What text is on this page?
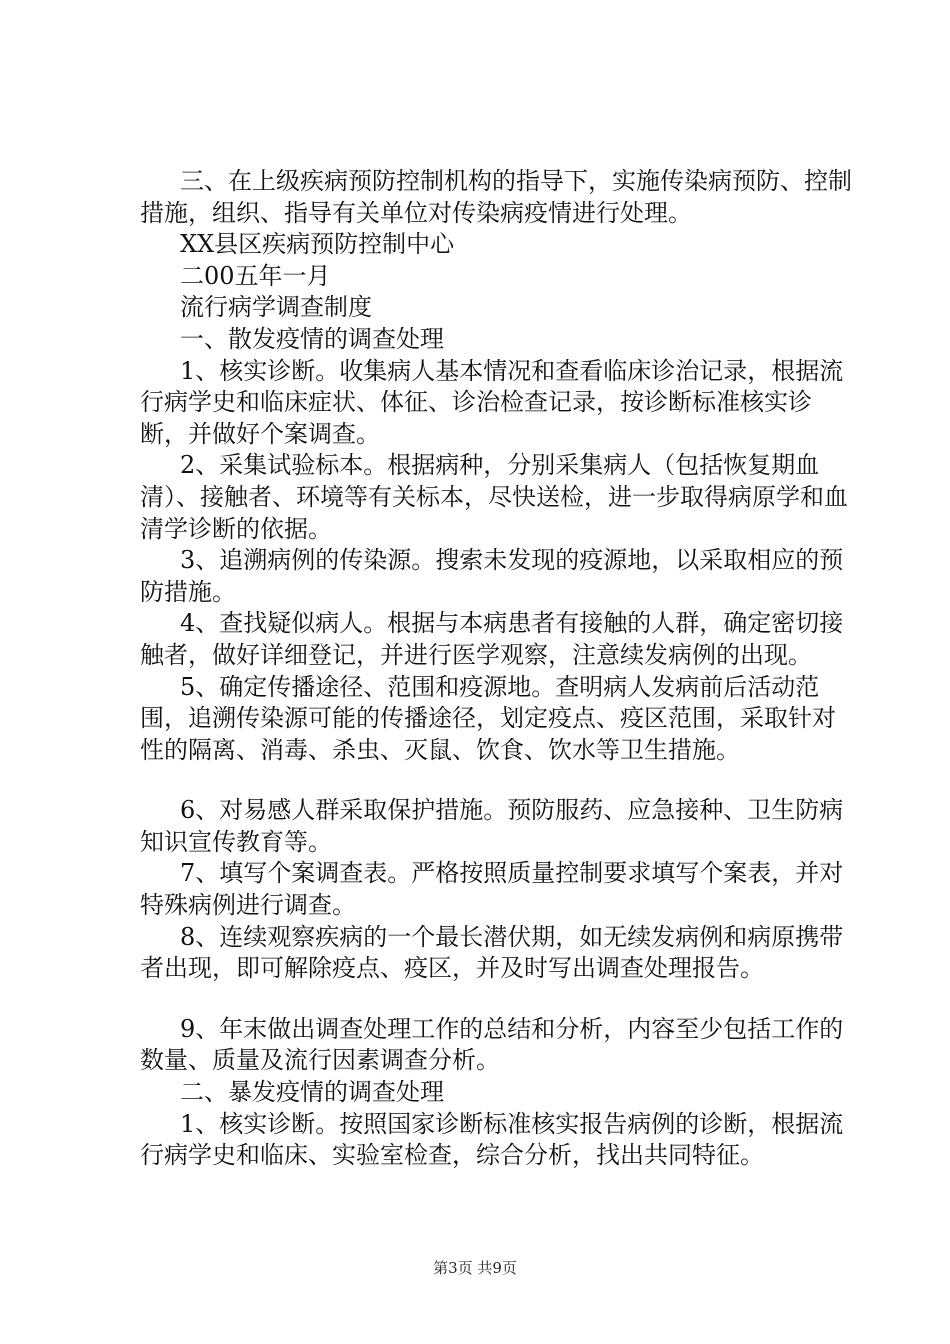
三、在上级疾病预防控制机构的指导下，实施传染病预防、控制措施，组织、指导有关单位对传染病疫情进行处理。

XX县区疾病预防控制中心

二00五年一月

流行病学调查制度

一、散发疫情的调查处理

1、核实诊断。收集病人基本情况和查看临床诊治记录，根据流行病学史和临床症状、体征、诊治检查记录，按诊断标准核实诊断，并做好个案调查。

2、采集试验标本。根据病种，分别采集病人（包括恢复期血清）、接触者、环境等有关标本，尽快送检，进一步取得病原学和血清学诊断的依据。

3、追溯病例的传染源。搜索未发现的疫源地，以采取相应的预防措施。

4、查找疑似病人。根据与本病患者有接触的人群，确定密切接触者，做好详细登记，并进行医学观察，注意续发病例的出现。

5、确定传播途径、范围和疫源地。查明病人发病前后活动范围，追溯传染源可能的传播途径，划定疫点、疫区范围，采取针对性的隔离、消毒、杀虫、灭鼠、饮食、饮水等卫生措施。

6、对易感人群采取保护措施。预防服药、应急接种、卫生防病知识宣传教育等。

7、填写个案调查表。严格按照质量控制要求填写个案表，并对特殊病例进行调查。

8、连续观察疾病的一个最长潜伏期，如无续发病例和病原携带者出现，即可解除疫点、疫区，并及时写出调查处理报告。

9、年末做出调查处理工作的总结和分析，内容至少包括工作的数量、质量及流行因素调查分析。

二、暴发疫情的调查处理

1、核实诊断。按照国家诊断标准核实报告病例的诊断，根据流行病学史和临床、实验室检查，综合分析，找出共同特征。

第3页 共9页
